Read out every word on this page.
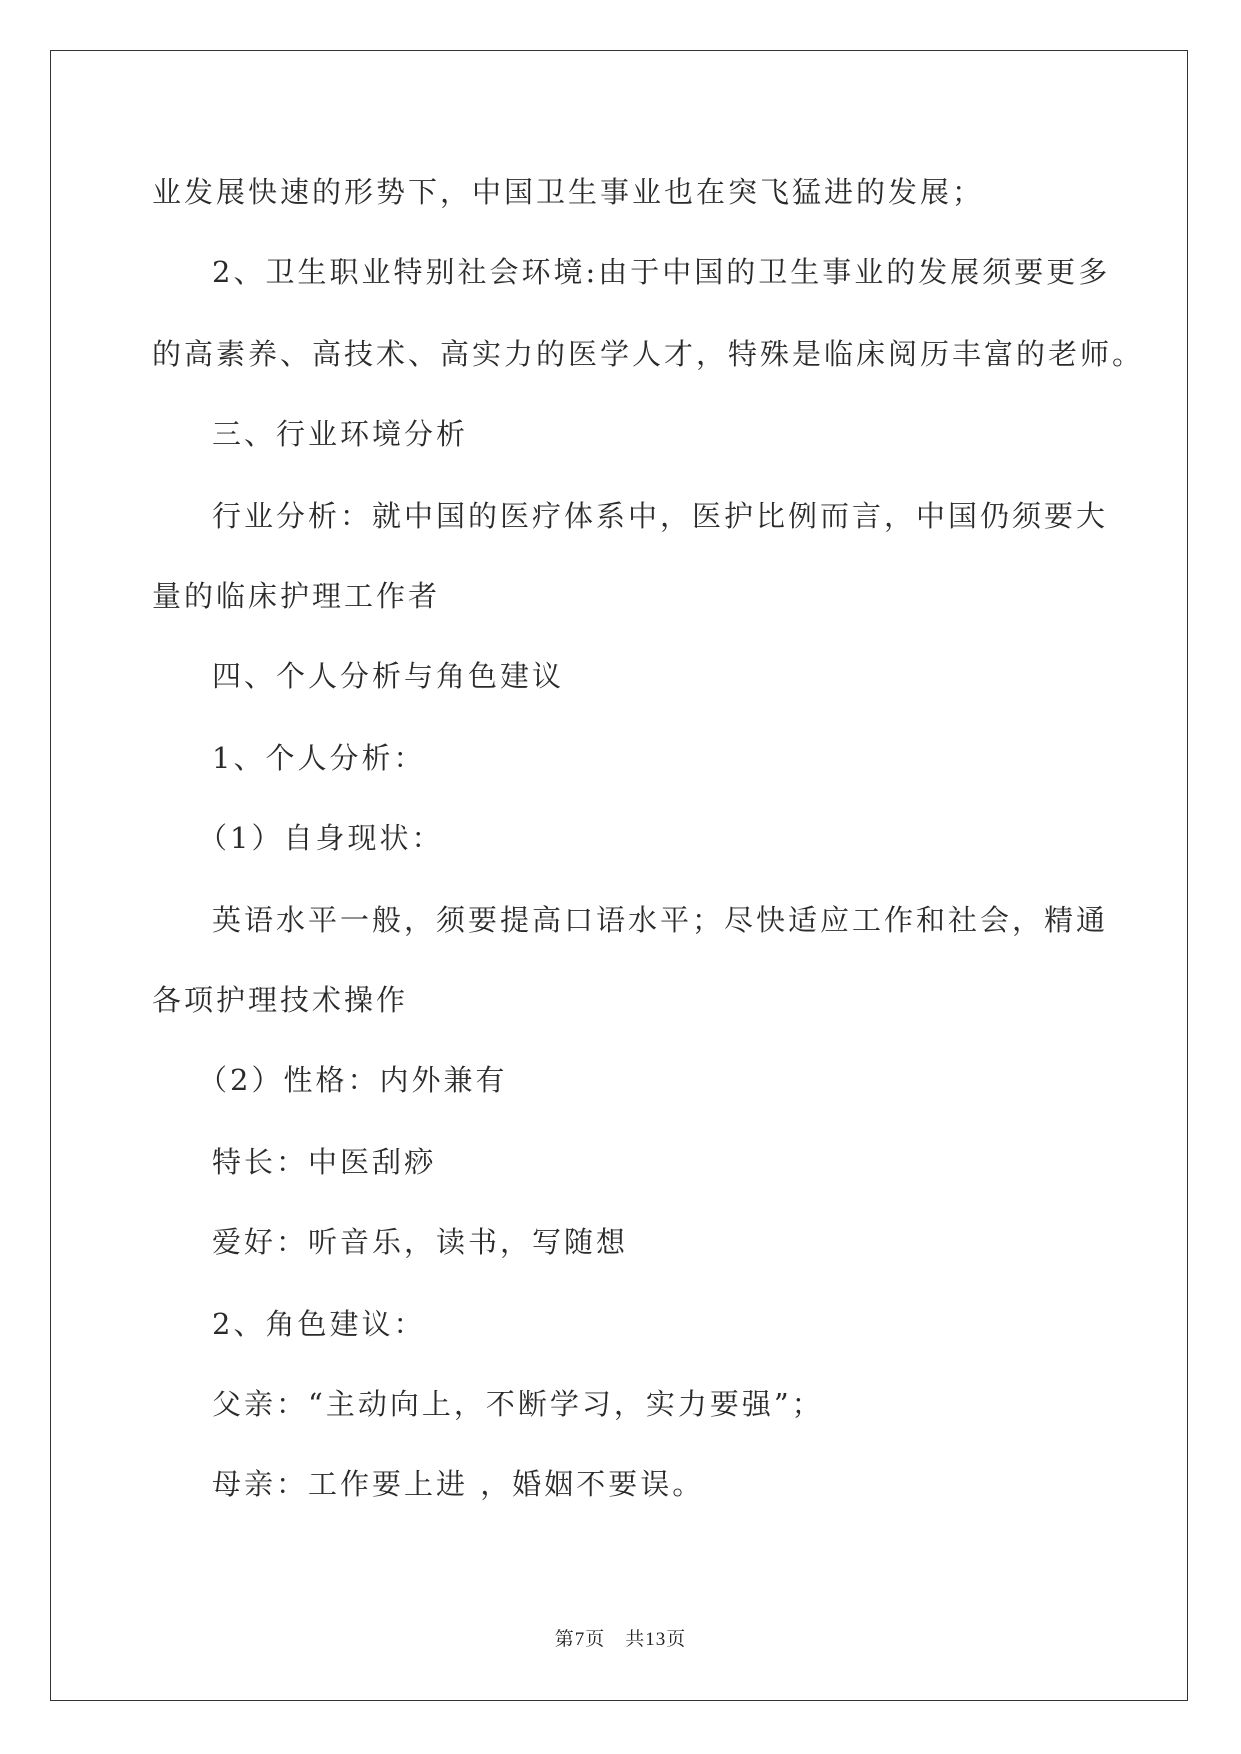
业发展快速的形势下，中国卫生事业也在突飞猛进的发展；
2、卫生职业特别社会环境:由于中国的卫生事业的发展须要更多
的高素养、高技术、高实力的医学人才，特殊是临床阅历丰富的老师。
三、行业环境分析
行业分析：就中国的医疗体系中，医护比例而言，中国仍须要大
量的临床护理工作者
四、个人分析与角色建议
1、个人分析：
（1）自身现状：
英语水平一般，须要提高口语水平；尽快适应工作和社会，精通
各项护理技术操作
（2）性格：内外兼有
特长：中医刮痧
爱好：听音乐，读书，写随想
2、角色建议：
父亲：“主动向上，不断学习，实力要强”；
母亲：工作要上进 ，婚姻不要误。
第7页　共13页
